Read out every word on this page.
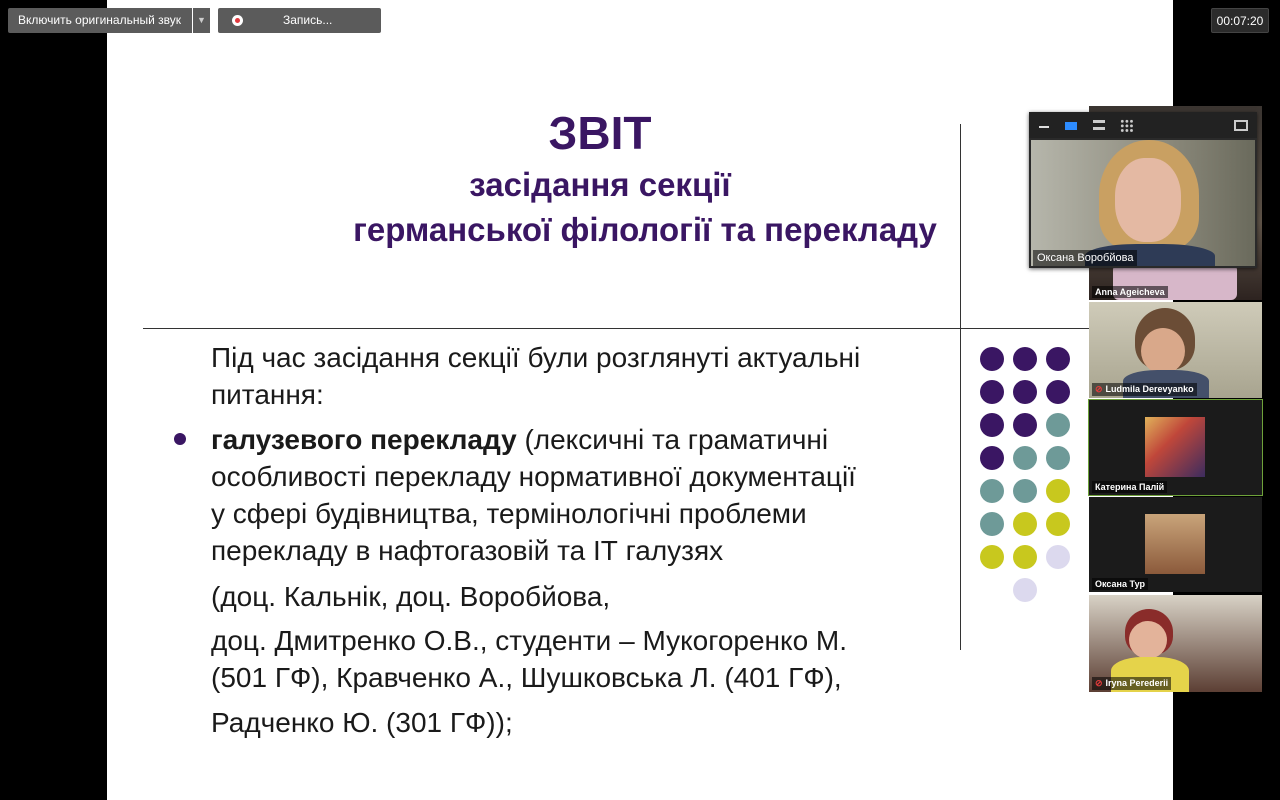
ЗВІТ
засідання секції
германської філології та перекладу
Під час засідання секції були розглянуті актуальні
питання:
галузевого перекладу (лексичні та граматичні
особливості перекладу нормативної документації
у сфері будівництва, термінологічні проблеми
перекладу в нафтогазовій та ІТ галузях
(доц. Кальнік, доц. Воробйова,
доц. Дмитренко О.В., студенти – Мукогоренко М.
(501 ГФ), Кравченко А., Шушковська Л. (401 ГФ),
Радченко Ю. (301 ГФ));
Включить оригинальный звук	▼	Запись...	00:07:20
Anna Ageicheva
⊘ Ludmila Derevyanko
Катерина Палій
Оксана Тур
⊘ Iryna Perederii
Оксана Воробйова
